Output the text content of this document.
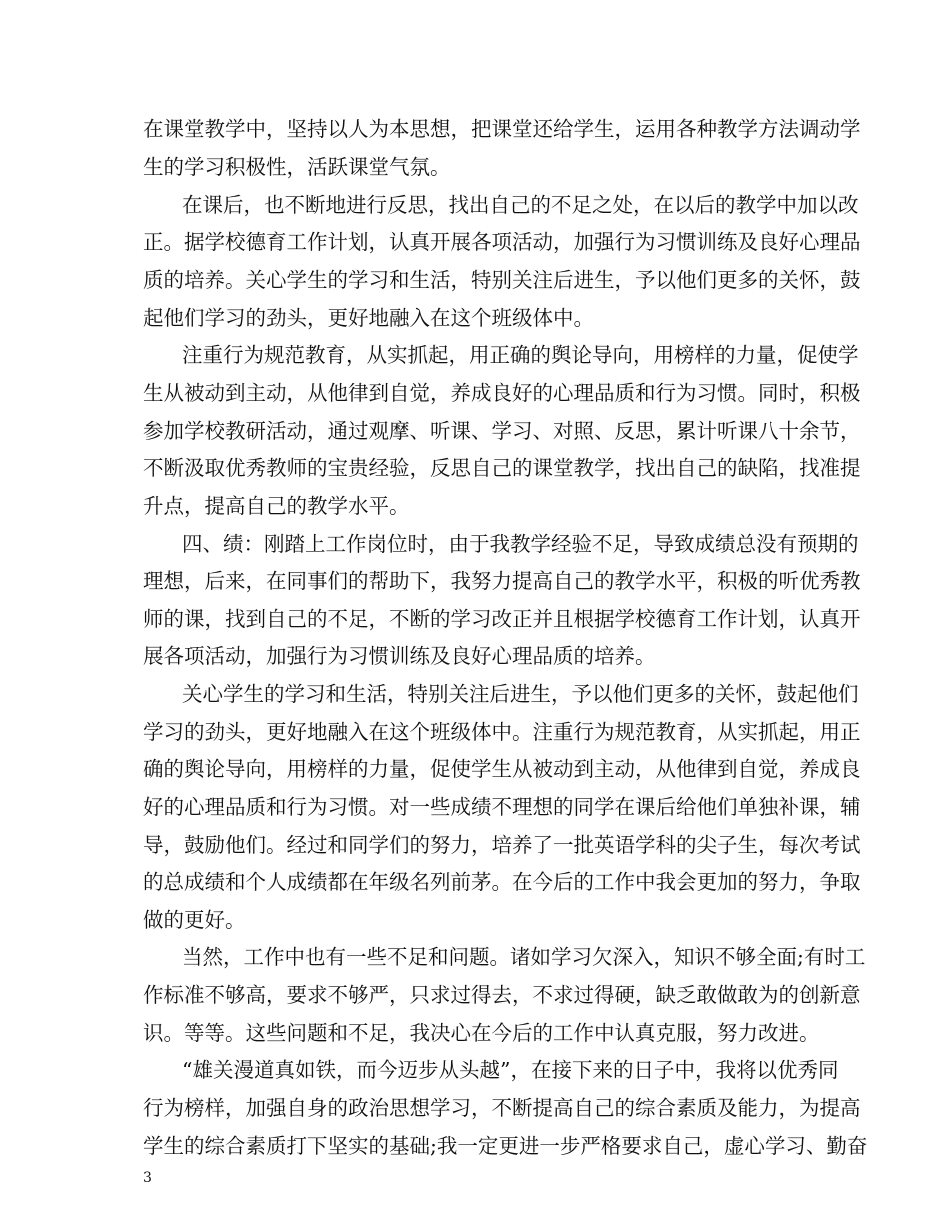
在课堂教学中，坚持以人为本思想，把课堂还给学生，运用各种教学方法调动学
生的学习积极性，活跃课堂气氛。
在课后，也不断地进行反思，找出自己的不足之处，在以后的教学中加以改
正。据学校德育工作计划，认真开展各项活动，加强行为习惯训练及良好心理品
质的培养。关心学生的学习和生活，特别关注后进生，予以他们更多的关怀，鼓
起他们学习的劲头，更好地融入在这个班级体中。
注重行为规范教育，从实抓起，用正确的舆论导向，用榜样的力量，促使学
生从被动到主动，从他律到自觉，养成良好的心理品质和行为习惯。同时，积极
参加学校教研活动，通过观摩、听课、学习、对照、反思，累计听课八十余节，
不断汲取优秀教师的宝贵经验，反思自己的课堂教学，找出自己的缺陷，找准提
升点，提高自己的教学水平。
四、绩：刚踏上工作岗位时，由于我教学经验不足，导致成绩总没有预期的
理想，后来，在同事们的帮助下，我努力提高自己的教学水平，积极的听优秀教
师的课，找到自己的不足，不断的学习改正并且根据学校德育工作计划，认真开
展各项活动，加强行为习惯训练及良好心理品质的培养。
关心学生的学习和生活，特别关注后进生，予以他们更多的关怀，鼓起他们
学习的劲头，更好地融入在这个班级体中。注重行为规范教育，从实抓起，用正
确的舆论导向，用榜样的力量，促使学生从被动到主动，从他律到自觉，养成良
好的心理品质和行为习惯。对一些成绩不理想的同学在课后给他们单独补课，辅
导，鼓励他们。经过和同学们的努力，培养了一批英语学科的尖子生，每次考试
的总成绩和个人成绩都在年级名列前茅。在今后的工作中我会更加的努力，争取
做的更好。
当然，工作中也有一些不足和问题。诸如学习欠深入，知识不够全面;有时工
作标准不够高，要求不够严，只求过得去，不求过得硬，缺乏敢做敢为的创新意
识。等等。这些问题和不足，我决心在今后的工作中认真克服，努力改进。
“雄关漫道真如铁，而今迈步从头越”，在接下来的日子中，我将以优秀同
行为榜样，加强自身的政治思想学习，不断提高自己的综合素质及能力，为提高
学生的综合素质打下坚实的基础;我一定更进一步严格要求自己，虚心学习、勤奋
3
